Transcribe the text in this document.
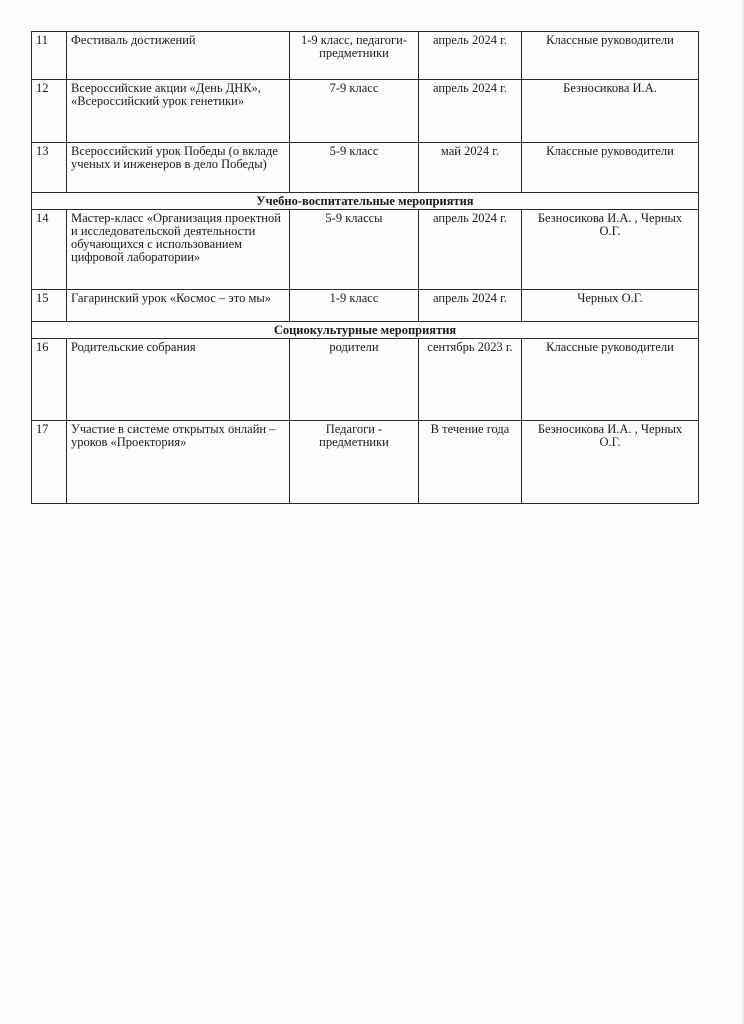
11	Фестиваль достижений	1-9 класс, педагоги-предметники	апрель 2024 г.	Классные руководители
12	Всероссийские акции «День ДНК», «Всероссийский урок генетики»	7-9 класс	апрель 2024 г.	Безносикова И.А.
13	Всероссийский урок Победы (о вкладе ученых и инженеров в дело Победы)	5-9 класс	май 2024 г.	Классные руководители
Учебно-воспитательные мероприятия				
14	Мастер-класс «Организация проектной и исследовательской деятельности обучающихся с использованием цифровой лаборатории»	5-9 классы	апрель 2024 г.	Безносикова И.А. , Черных О.Г.
15	Гагаринский урок «Космос – это мы»	1-9 класс	апрель 2024 г.	Черных О.Г.
Социокультурные мероприятия				
16	Родительские собрания	родители	сентябрь 2023 г.	Классные руководители
17	Участие в системе открытых онлайн – уроков «Проектория»	Педагоги - предметники	В течение года	Безносикова И.А. , Черных О.Г.
